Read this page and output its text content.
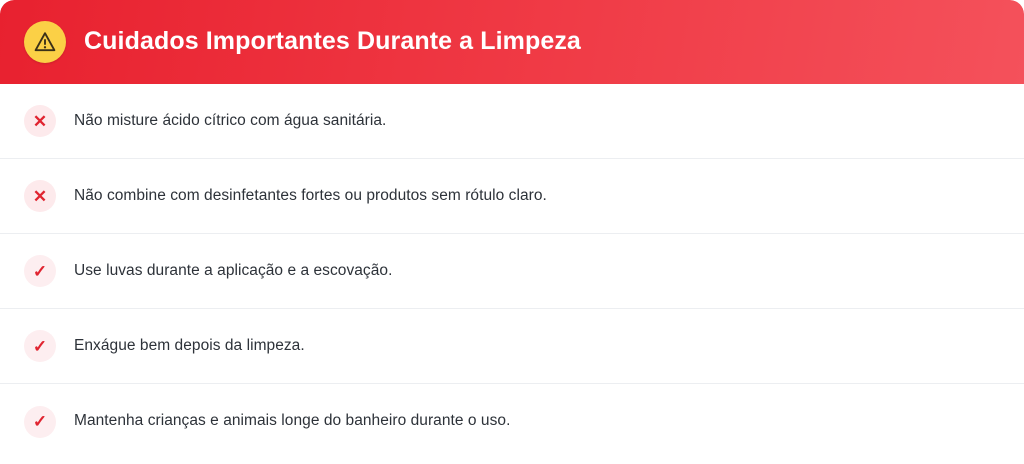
Cuidados Importantes Durante a Limpeza
✕	Não misture ácido cítrico com água sanitária.
✕	Não combine com desinfetantes fortes ou produtos sem rótulo claro.
✓	Use luvas durante a aplicação e a escovação.
✓	Enxágue bem depois da limpeza.
✓	Mantenha crianças e animais longe do banheiro durante o uso.
